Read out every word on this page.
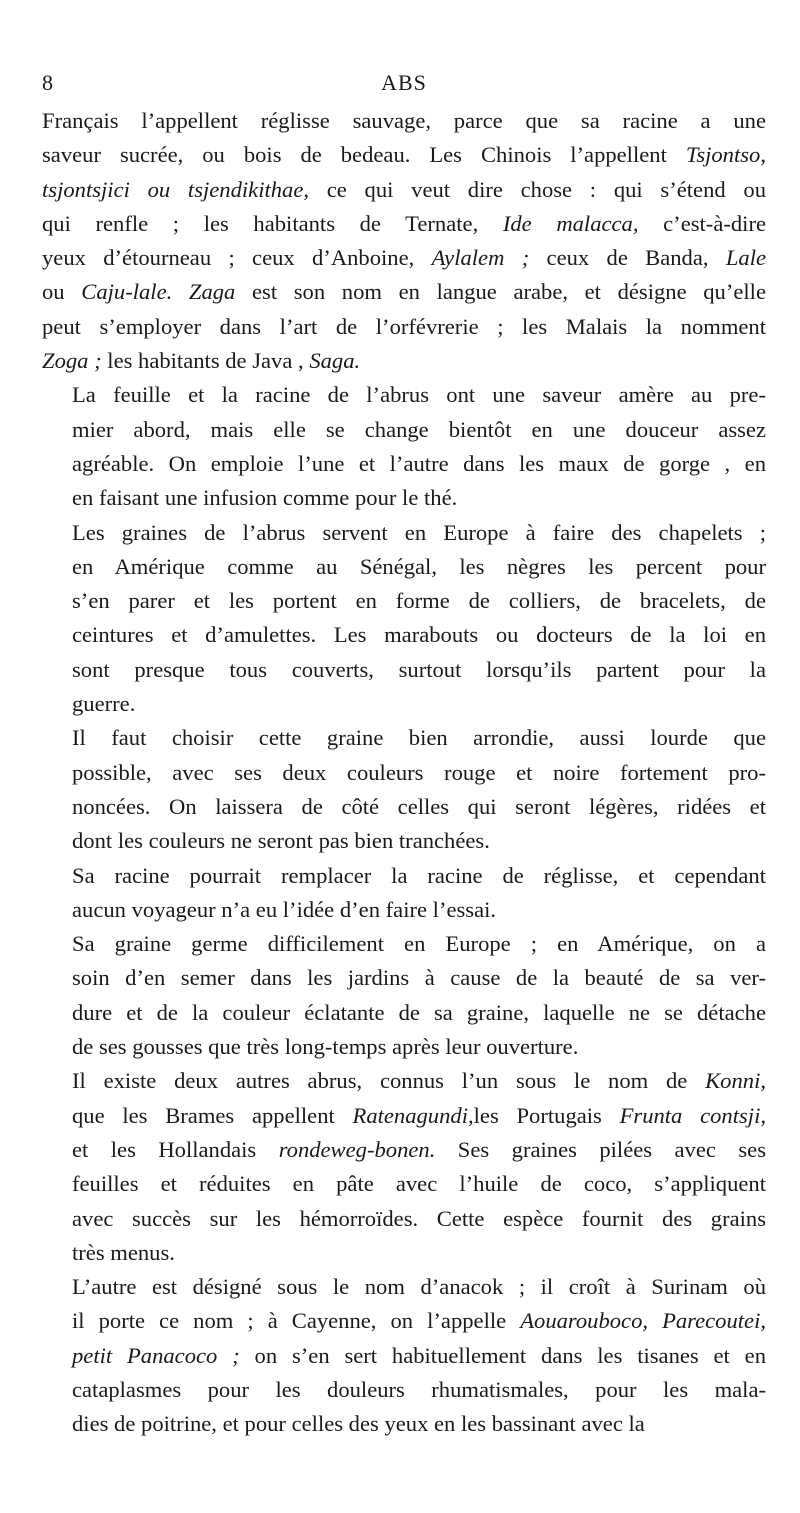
8	ABS

Français l’appellent réglisse sauvage, parce que sa racine a une
saveur sucrée, ou bois de bedeau. Les Chinois l’appellent Tsjontso,
tsjontsjici ou tsjendikithae, ce qui veut dire chose : qui s’étend ou
qui renfle ; les habitants de Ternate, Ide malacca, c’est-à-dire
yeux d’étourneau ; ceux d’Anboine, Aylalem ; ceux de Banda, Lale
ou Caju-lale. Zaga est son nom en langue arabe, et désigne qu’elle
peut s’employer dans l’art de l’orfévrerie ; les Malais la nomment
Zoga ; les habitants de Java , Saga.

La feuille et la racine de l’abrus ont une saveur amère au pre-
mier abord, mais elle se change bientôt en une douceur assez
agréable. On emploie l’une et l’autre dans les maux de gorge , en
en faisant une infusion comme pour le thé.

Les graines de l’abrus servent en Europe à faire des chapelets ;
en Amérique comme au Sénégal, les nègres les percent pour
s’en parer et les portent en forme de colliers, de bracelets, de
ceintures et d’amulettes. Les marabouts ou docteurs de la loi en
sont presque tous couverts, surtout lorsqu’ils partent pour la
guerre.

Il faut choisir cette graine bien arrondie, aussi lourde que
possible, avec ses deux couleurs rouge et noire fortement pro-
noncées. On laissera de côté celles qui seront légères, ridées et
dont les couleurs ne seront pas bien tranchées.

Sa racine pourrait remplacer la racine de réglisse, et cependant
aucun voyageur n’a eu l’idée d’en faire l’essai.

Sa graine germe difficilement en Europe ; en Amérique, on a
soin d’en semer dans les jardins à cause de la beauté de sa ver-
dure et de la couleur éclatante de sa graine, laquelle ne se détache
de ses gousses que très long-temps après leur ouverture.

Il existe deux autres abrus, connus l’un sous le nom de Konni,
que les Brames appellent Ratenagundi,les Portugais Frunta contsji,
et les Hollandais rondeweg-bonen. Ses graines pilées avec ses
feuilles et réduites en pâte avec l’huile de coco, s’appliquent
avec succès sur les hémorroïdes. Cette espèce fournit des grains
très menus.

L’autre est désigné sous le nom d’anacok ; il croît à Surinam où
il porte ce nom ; à Cayenne, on l’appelle Aouarouboco, Parecoutei,
petit Panacoco ; on s’en sert habituellement dans les tisanes et en
cataplasmes pour les douleurs rhumatismales, pour les mala-
dies de poitrine, et pour celles des yeux en les bassinant avec la
